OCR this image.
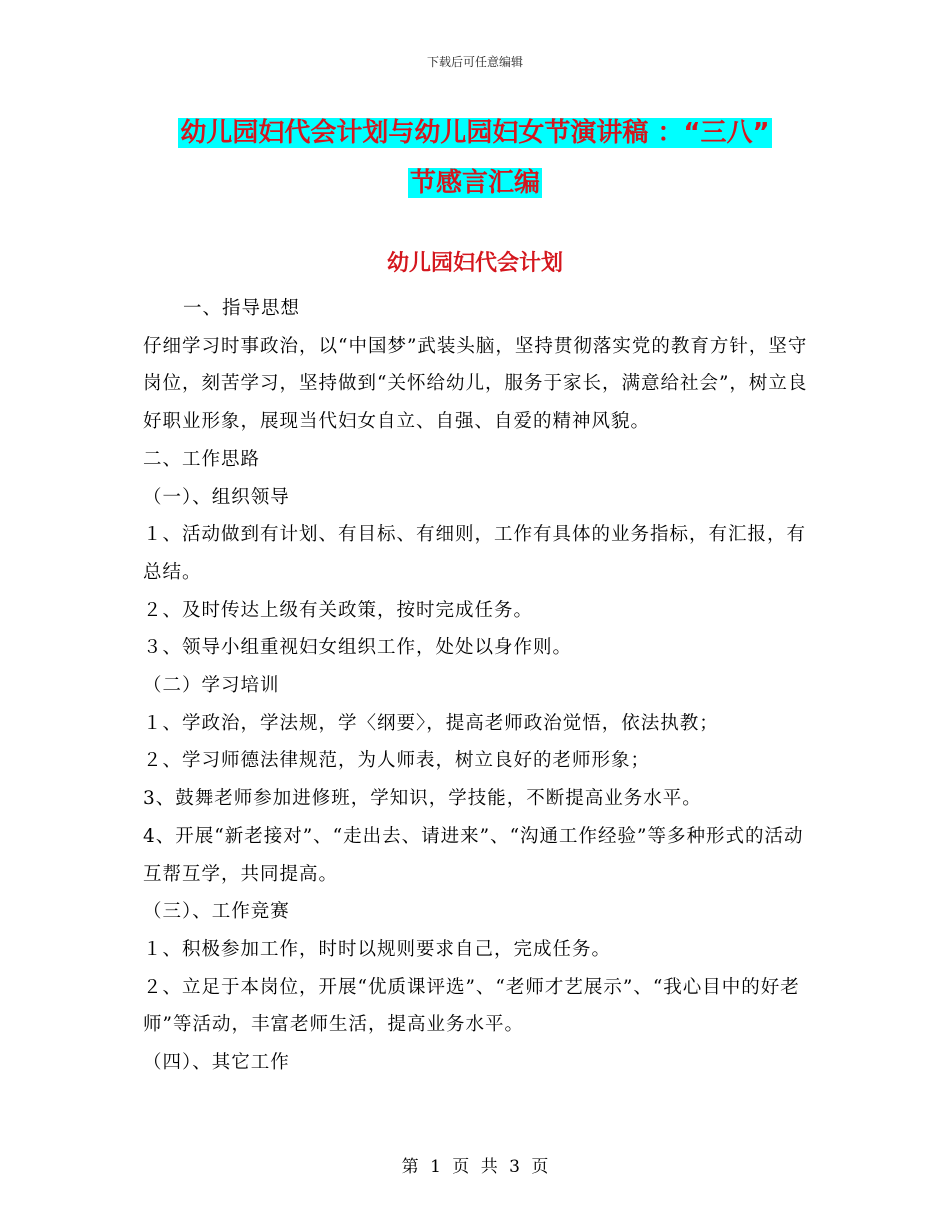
下载后可任意编辑
幼儿园妇代会计划与幼儿园妇女节演讲稿 ：“三八”
节感言汇编
幼儿园妇代会计划

一、指导思想

仔细学习时事政治，以“中国梦”武装头脑，坚持贯彻落实党的教育方针，坚守岗位，刻苦学习，坚持做到“关怀给幼儿，服务于家长，满意给社会”，树立良好职业形象，展现当代妇女自立、自强、自爱的精神风貌。

二、工作思路

（一）、组织领导

１、活动做到有计划、有目标、有细则，工作有具体的业务指标，有汇报，有总结。

２、及时传达上级有关政策，按时完成任务。

３、领导小组重视妇女组织工作，处处以身作则。

（二）学习培训

１、学政治，学法规，学〈纲要〉，提高老师政治觉悟，依法执教；

２、学习师德法律规范，为人师表，树立良好的老师形象；

3、鼓舞老师参加进修班，学知识，学技能，不断提高业务水平。

4、开展“新老接对”、“走出去、请进来”、“沟通工作经验”等多种形式的活动互帮互学，共同提高。

（三）、工作竞赛

１、积极参加工作，时时以规则要求自己，完成任务。

２、立足于本岗位，开展“优质课评选”、“老师才艺展示”、“我心目中的好老师”等活动，丰富老师生活，提高业务水平。

（四）、其它工作

第 1 页 共 3 页
